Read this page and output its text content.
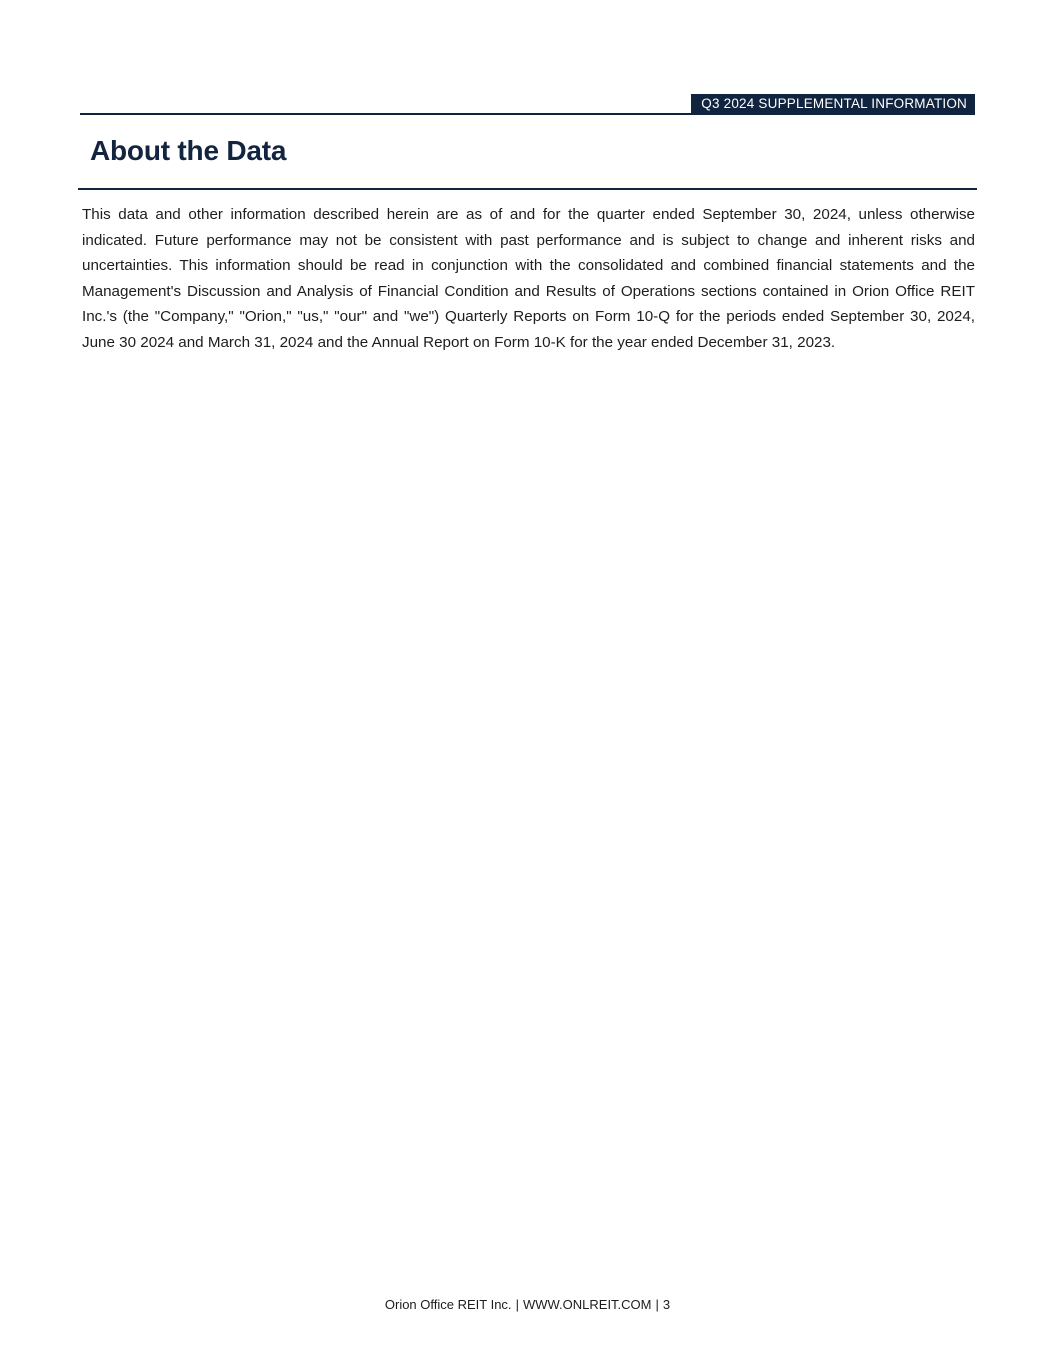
Q3 2024 SUPPLEMENTAL INFORMATION
About the Data
This data and other information described herein are as of and for the quarter ended September 30, 2024, unless otherwise indicated. Future performance may not be consistent with past performance and is subject to change and inherent risks and uncertainties. This information should be read in conjunction with the consolidated and combined financial statements and the Management's Discussion and Analysis of Financial Condition and Results of Operations sections contained in Orion Office REIT Inc.'s (the "Company," "Orion," "us," "our" and "we") Quarterly Reports on Form 10-Q for the periods ended September 30, 2024, June 30 2024 and March 31, 2024 and the Annual Report on Form 10-K for the year ended December 31, 2023.
Orion Office REIT Inc. | WWW.ONLREIT.COM | 3
